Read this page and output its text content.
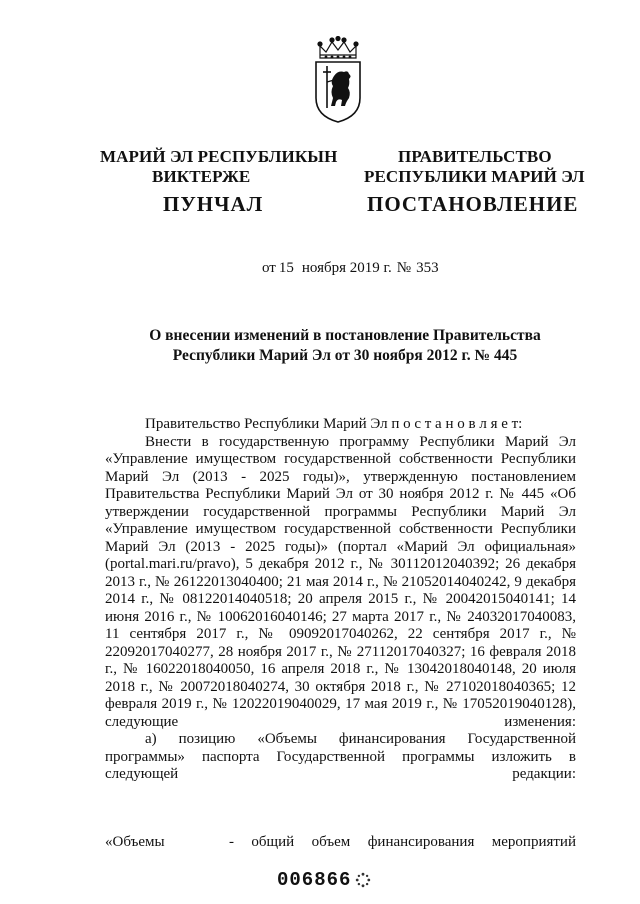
МАРИЙ ЭЛ РЕСПУБЛИКЫН
ВИКТЕРЖЕ
ПУНЧАЛ
ПРАВИТЕЛЬСТВО
РЕСПУБЛИКИ МАРИЙ ЭЛ
ПОСТАНОВЛЕНИЕ
от 15 ноября 2019 г. № 353
О внесении изменений в постановление Правительства
Республики Марий Эл от 30 ноября 2012 г. № 445

Правительство Республики Марий Эл п о с т а н о в л я е т:

Внести в государственную программу Республики Марий Эл «Управление имуществом государственной собственности Республики Марий Эл (2013 - 2025 годы)», утвержденную постановлением Правительства Республики Марий Эл от 30 ноября 2012 г. № 445 «Об утверждении государственной программы Республики Марий Эл «Управление имуществом государственной собственности Республики Марий Эл (2013 - 2025 годы)» (портал «Марий Эл официальная» (portal.mari.ru/pravo), 5 декабря 2012 г., № 30112012040392; 26 декабря 2013 г., № 26122013040400; 21 мая 2014 г., № 21052014040242, 9 декабря 2014 г., № 08122014040518; 20 апреля 2015 г., № 20042015040141; 14 июня 2016 г., № 10062016040146; 27 марта 2017 г., № 24032017040083, 11 сентября 2017 г., № 09092017040262, 22 сентября 2017 г., № 22092017040277, 28 ноября 2017 г., № 27112017040327; 16 февраля 2018 г., № 16022018040050, 16 апреля 2018 г., № 13042018040148, 20 июля 2018 г., № 20072018040274, 30 октября 2018 г., № 27102018040365; 12 февраля 2019 г., № 12022019040029, 17 мая 2019 г., № 17052019040128), следующие изменения:

а) позицию «Объемы финансирования Государственной программы» паспорта Государственной программы изложить в следующей редакции:

«Объемы	- общий объем финансирования мероприятий
006866
